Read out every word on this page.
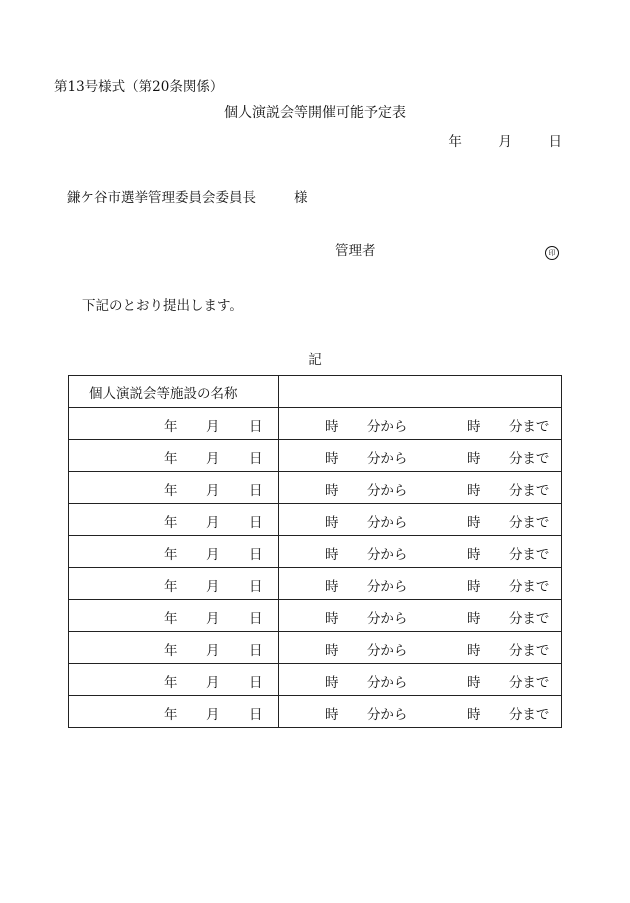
第13号様式（第20条関係）
個人演説会等開催可能予定表
年	月	日
鎌ケ谷市選挙管理委員会委員長	様
管理者	印
下記のとおり提出します。
記
個人演説会等施設の名称	

年 月 日	時 分から 時 分まで

年 月 日	時 分から 時 分まで

年 月 日	時 分から 時 分まで

年 月 日	時 分から 時 分まで

年 月 日	時 分から 時 分まで

年 月 日	時 分から 時 分まで

年 月 日	時 分から 時 分まで

年 月 日	時 分から 時 分まで

年 月 日	時 分から 時 分まで

年 月 日	時 分から 時 分まで
